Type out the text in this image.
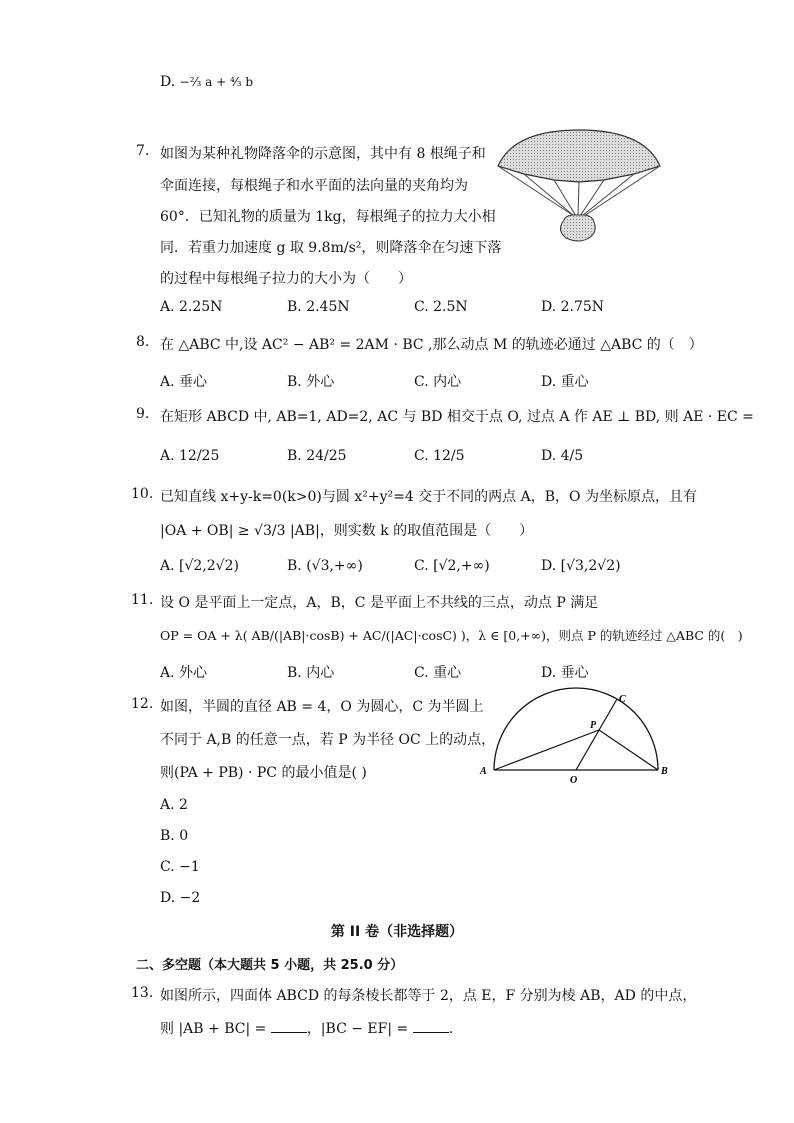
D. −²⁄₃ a + ⁴⁄₃ b
7. 如图为某种礼物降落伞的示意图，其中有 8 根绳子和
伞面连接，每根绳子和水平面的法向量的夹角均为
60°．已知礼物的质量为 1kg，每根绳子的拉力大小相
同．若重力加速度 g 取 9.8m/s²，则降落伞在匀速下落
的过程中每根绳子拉力的大小为（　　）
A. 2.25N	B. 2.45N	C. 2.5N	D. 2.75N
8. 在 △ABC 中,设 AC² − AB² = 2AM · BC ,那么动点 M 的轨迹必通过 △ABC 的（　）
A. 垂心	B. 外心	C. 内心	D. 重心
9. 在矩形 ABCD 中, AB=1, AD=2, AC 与 BD 相交于点 O, 过点 A 作 AE ⊥ BD, 则 AE · EC =
A. 12/25	B. 24/25	C. 12/5	D. 4/5
10. 已知直线 x+y-k=0(k>0)与圆 x²+y²=4 交于不同的两点 A，B，O 为坐标原点，且有
|OA + OB| ≥ √3/3 |AB|，则实数 k 的取值范围是（　　）
A. [√2,2√2)	B. (√3,+∞)	C. [√2,+∞)	D. [√3,2√2)
11. 设 O 是平面上一定点，A，B，C 是平面上不共线的三点，动点 P 满足
OP = OA + λ( AB/(|AB|·cosB) + AC/(|AC|·cosC) )，λ ∈ [0,+∞)，则点 P 的轨迹经过 △ABC 的(　)
A. 外心	B. 内心	C. 重心	D. 垂心
12. 如图，半圆的直径 AB = 4，O 为圆心，C 为半圆上
不同于 A,B 的任意一点，若 P 为半径 OC 上的动点，
则(PA + PB) · PC 的最小值是( )	A	B
O
P
C
A. 2
B. 0
C. −1
D. −2
第 II 卷（非选择题）
二、多空题（本大题共 5 小题，共 25.0 分）
13. 如图所示，四面体 ABCD 的每条棱长都等于 2，点 E，F 分别为棱 AB，AD 的中点，
则 |AB + BC| =	，|BC − EF| =	.
